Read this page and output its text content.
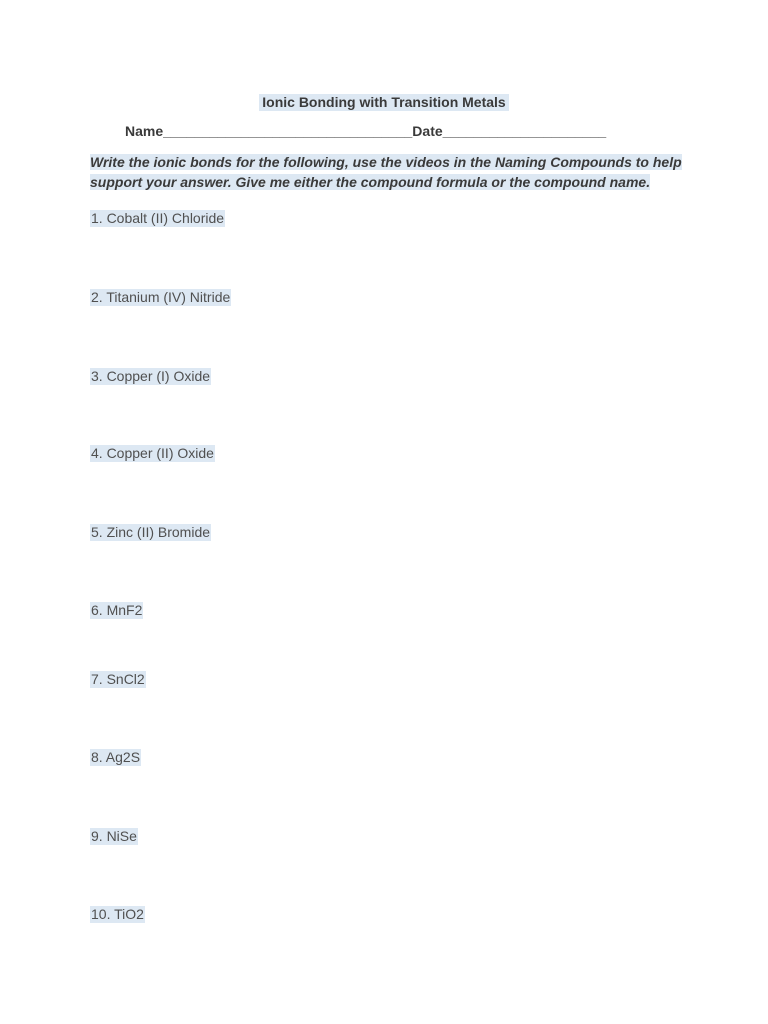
Ionic Bonding with Transition Metals
Name________________________________Date_____________________
Write the ionic bonds for the following, use the videos in the Naming Compounds to help support your answer. Give me either the compound formula or the compound name.
1. Cobalt (II) Chloride
2. Titanium (IV) Nitride
3. Copper (I) Oxide
4. Copper (II) Oxide
5. Zinc (II) Bromide
6. MnF2
7. SnCl2
8. Ag2S
9. NiSe
10. TiO2
